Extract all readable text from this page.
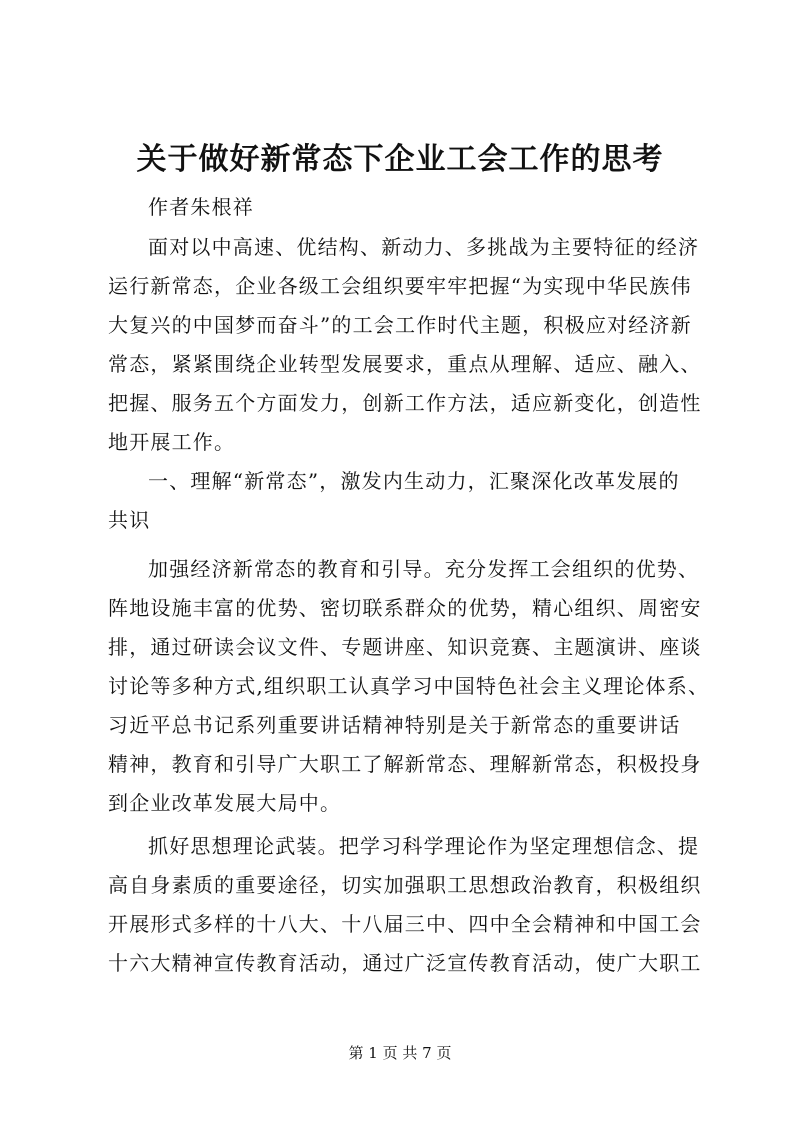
关于做好新常态下企业工会工作的思考
作者朱根祥
面对以中高速、优结构、新动力、多挑战为主要特征的经济
运行新常态，企业各级工会组织要牢牢把握“为实现中华民族伟
大复兴的中国梦而奋斗”的工会工作时代主题，积极应对经济新
常态，紧紧围绕企业转型发展要求，重点从理解、适应、融入、
把握、服务五个方面发力，创新工作方法，适应新变化，创造性
地开展工作。
一、理解“新常态”，激发内生动力，汇聚深化改革发展的
共识
加强经济新常态的教育和引导。充分发挥工会组织的优势、
阵地设施丰富的优势、密切联系群众的优势，精心组织、周密安
排，通过研读会议文件、专题讲座、知识竞赛、主题演讲、座谈
讨论等多种方式,组织职工认真学习中国特色社会主义理论体系、
习近平总书记系列重要讲话精神特别是关于新常态的重要讲话
精神，教育和引导广大职工了解新常态、理解新常态，积极投身
到企业改革发展大局中。
抓好思想理论武装。把学习科学理论作为坚定理想信念、提
高自身素质的重要途径，切实加强职工思想政治教育，积极组织
开展形式多样的十八大、十八届三中、四中全会精神和中国工会
十六大精神宣传教育活动，通过广泛宣传教育活动，使广大职工
第 1 页 共 7 页
